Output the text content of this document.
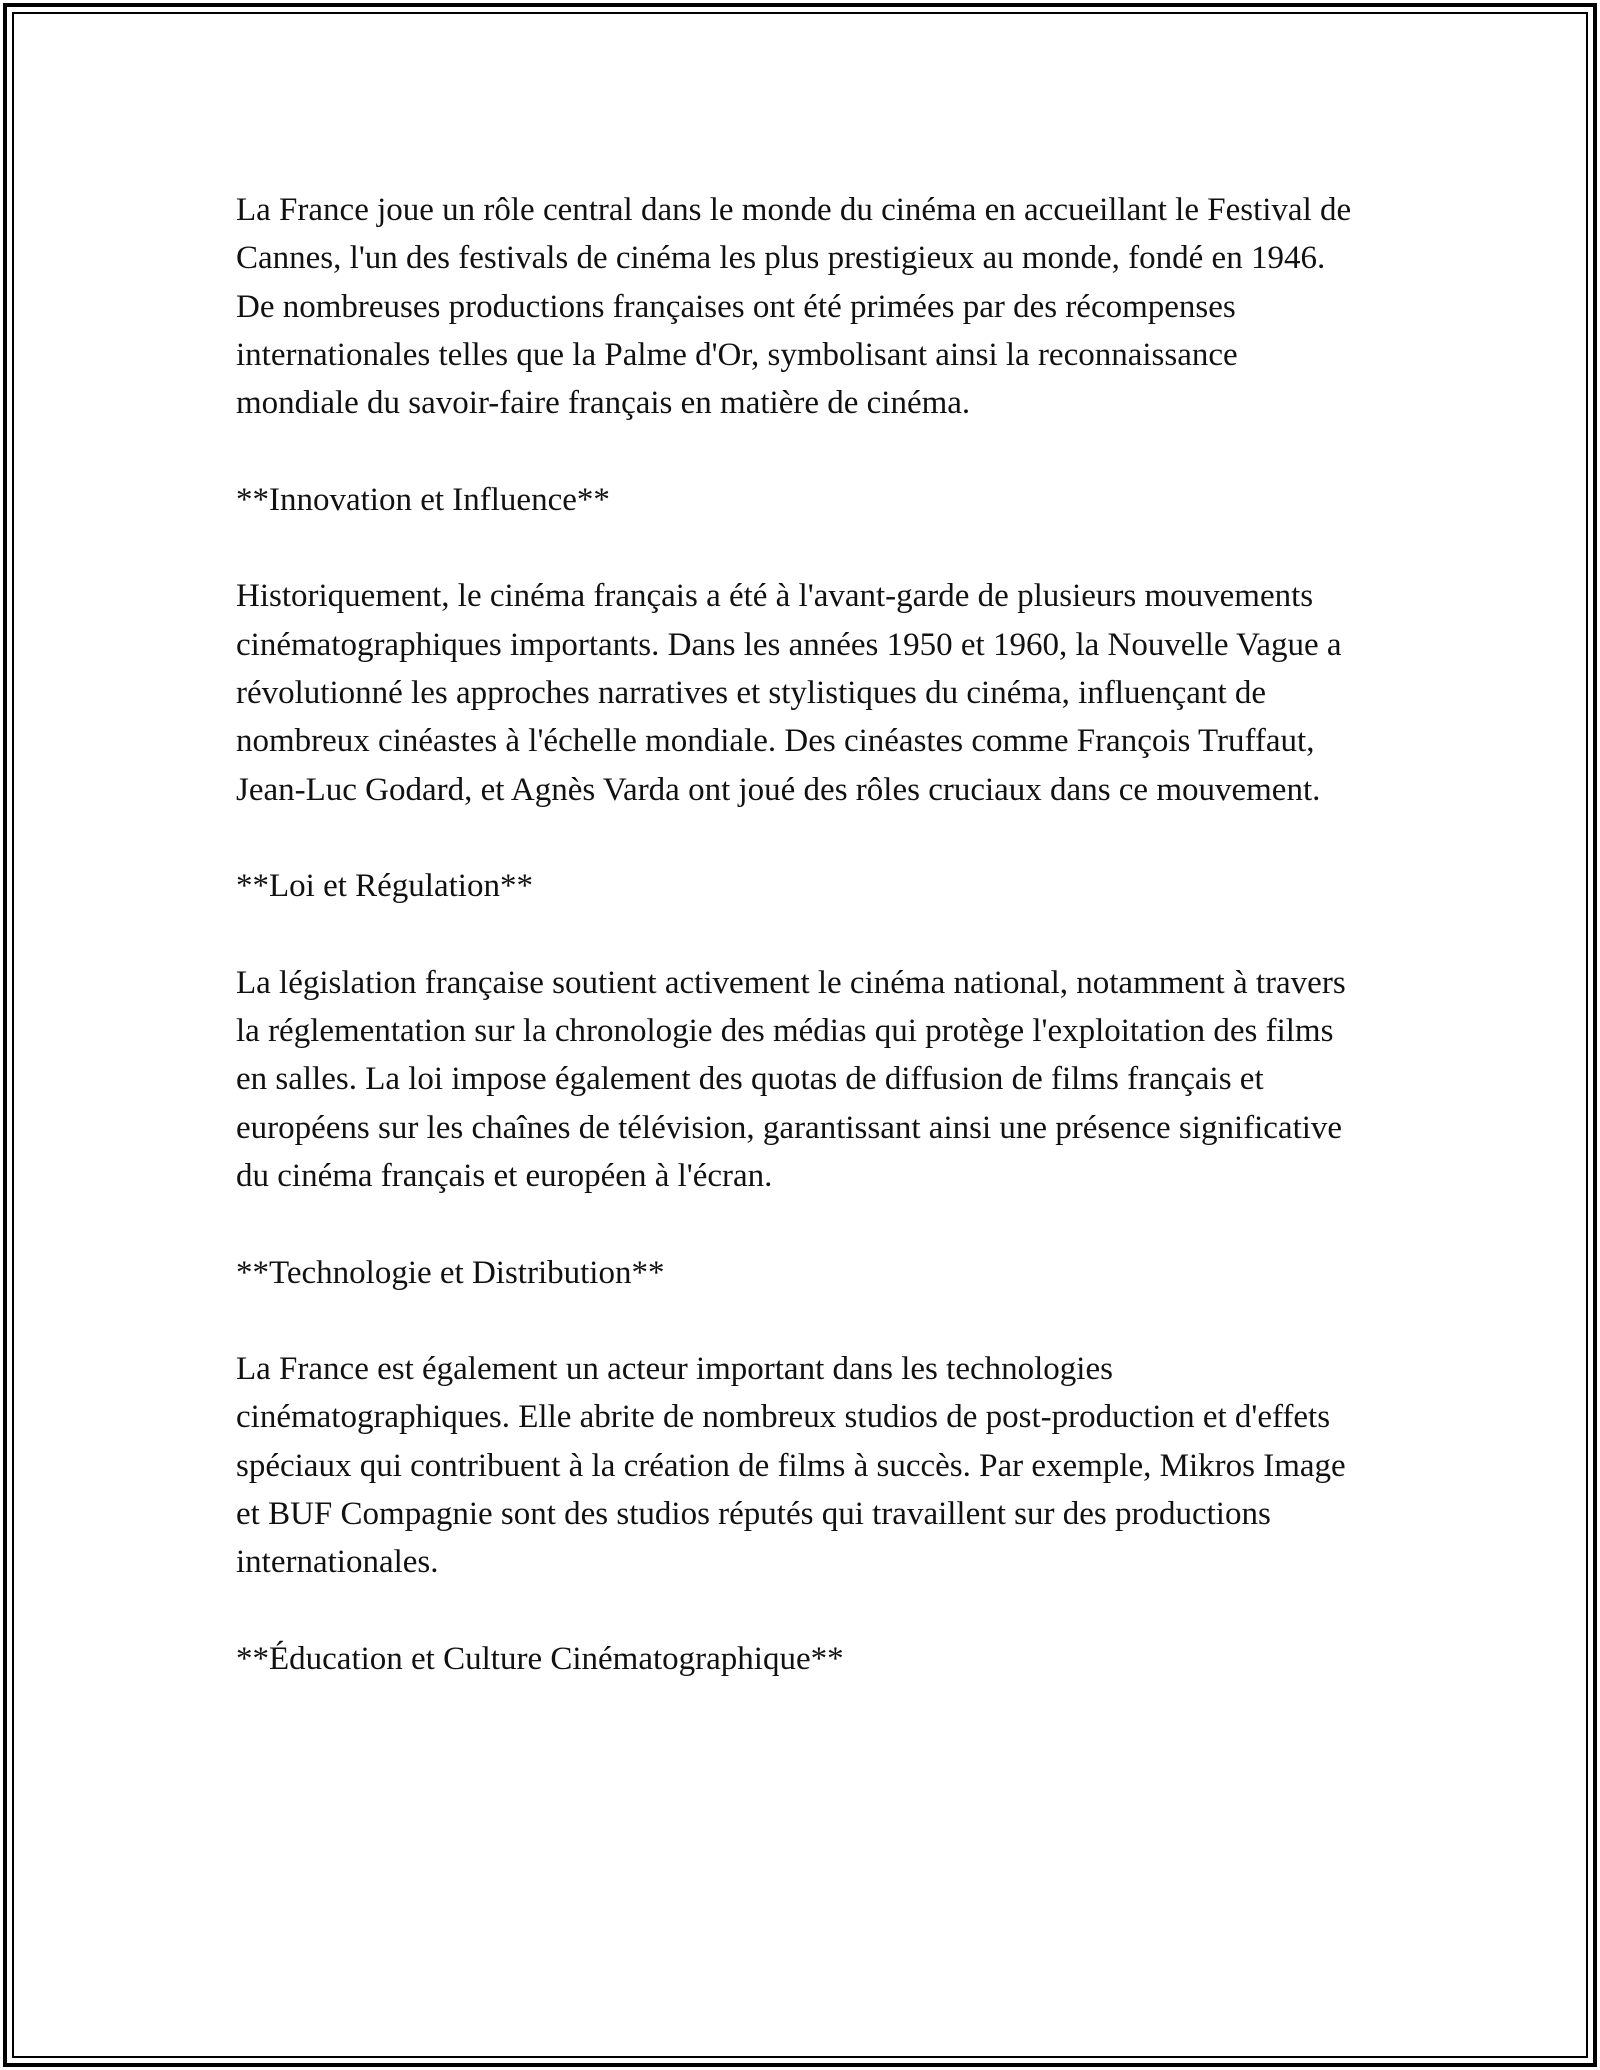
La France joue un rôle central dans le monde du cinéma en accueillant le Festival de Cannes, l'un des festivals de cinéma les plus prestigieux au monde, fondé en 1946. De nombreuses productions françaises ont été primées par des récompenses internationales telles que la Palme d'Or, symbolisant ainsi la reconnaissance mondiale du savoir-faire français en matière de cinéma.

**Innovation et Influence**

Historiquement, le cinéma français a été à l'avant-garde de plusieurs mouvements cinématographiques importants. Dans les années 1950 et 1960, la Nouvelle Vague a révolutionné les approches narratives et stylistiques du cinéma, influençant de nombreux cinéastes à l'échelle mondiale. Des cinéastes comme François Truffaut, Jean-Luc Godard, et Agnès Varda ont joué des rôles cruciaux dans ce mouvement.

**Loi et Régulation**

La législation française soutient activement le cinéma national, notamment à travers la réglementation sur la chronologie des médias qui protège l'exploitation des films en salles. La loi impose également des quotas de diffusion de films français et européens sur les chaînes de télévision, garantissant ainsi une présence significative du cinéma français et européen à l'écran.

**Technologie et Distribution**

La France est également un acteur important dans les technologies cinématographiques. Elle abrite de nombreux studios de post-production et d'effets spéciaux qui contribuent à la création de films à succès. Par exemple, Mikros Image et BUF Compagnie sont des studios réputés qui travaillent sur des productions internationales.

**Éducation et Culture Cinématographique**
